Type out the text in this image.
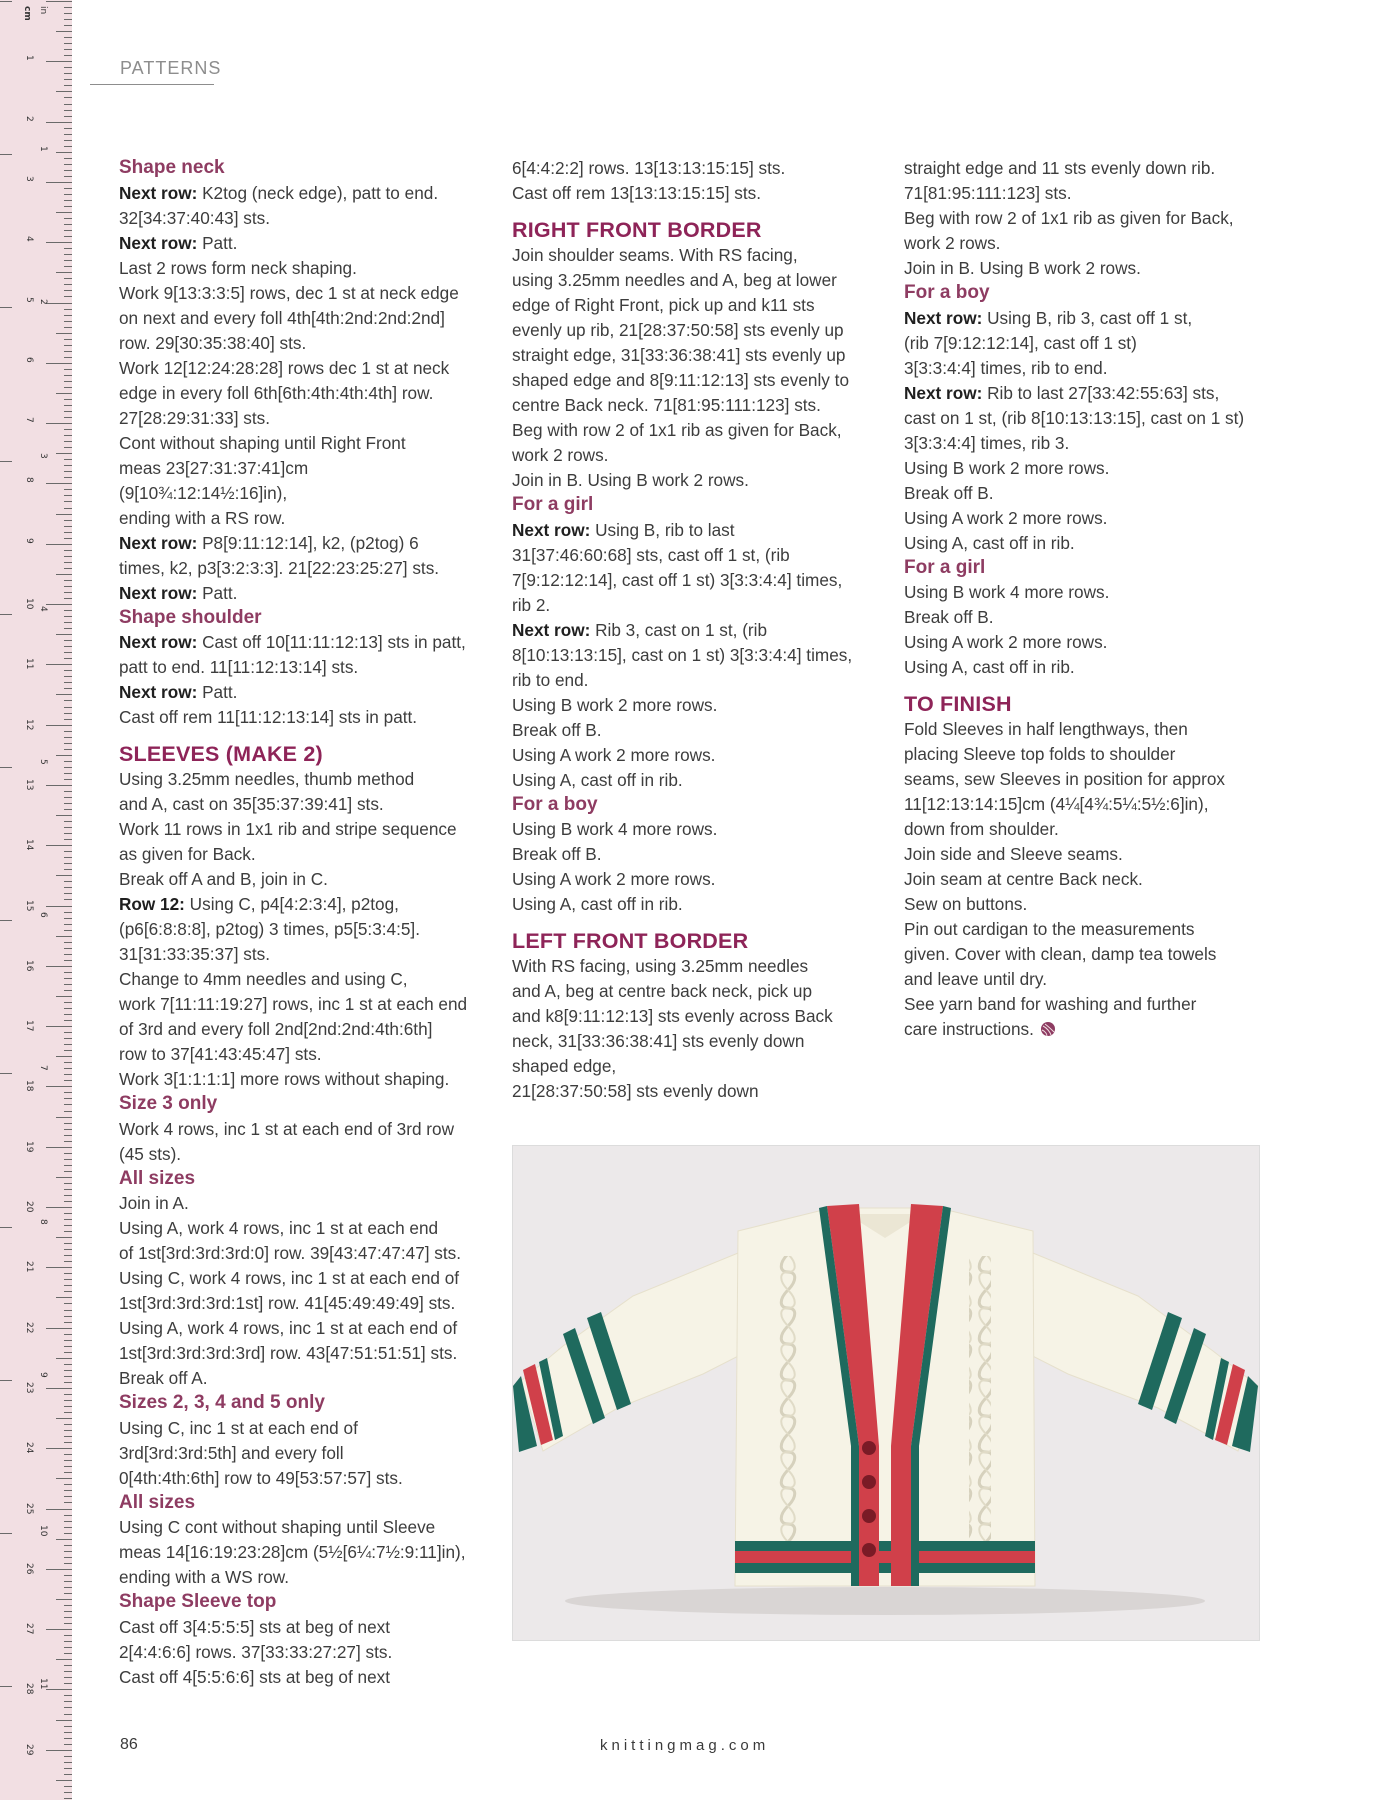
cm
1
2
3
4
5
6
7
8
9
10
11
12
13
14
15
16
17
18
19
20
21
22
23
24
25
26
27
28
29
in
1
2
3
4
5
6
7
8
9
10
11
PATTERNS

Shape neck

Next row: K2tog (neck edge), patt to end.

32[34:37:40:43] sts.

Next row: Patt.

Last 2 rows form neck shaping.

Work 9[13:3:3:5] rows, dec 1 st at neck edge

on next and every foll 4th[4th:2nd:2nd:2nd]

row. 29[30:35:38:40] sts.

Work 12[12:24:28:28] rows dec 1 st at neck

edge in every foll 6th[6th:4th:4th:4th] row.

27[28:29:31:33] sts.

Cont without shaping until Right Front

meas 23[27:31:37:41]cm (9[10¾:12:14½:16]in),

ending with a RS row.

Next row: P8[9:11:12:14], k2, (p2tog) 6

times, k2, p3[3:2:3:3]. 21[22:23:25:27] sts.

Next row: Patt.

Shape shoulder

Next row: Cast off 10[11:11:12:13] sts in patt,

patt to end. 11[11:12:13:14] sts.

Next row: Patt.

Cast off rem 11[11:12:13:14] sts in patt.

SLEEVES (MAKE 2)

Using 3.25mm needles, thumb method

and A, cast on 35[35:37:39:41] sts.

Work 11 rows in 1x1 rib and stripe sequence

as given for Back.

Break off A and B, join in C.

Row 12: Using C, p4[4:2:3:4], p2tog,

(p6[6:8:8:8], p2tog) 3 times, p5[5:3:4:5].

31[31:33:35:37] sts.

Change to 4mm needles and using C,

work 7[11:11:19:27] rows, inc 1 st at each end

of 3rd and every foll 2nd[2nd:2nd:4th:6th]

row to 37[41:43:45:47] sts.

Work 3[1:1:1:1] more rows without shaping.

Size 3 only

Work 4 rows, inc 1 st at each end of 3rd row

(45 sts).

All sizes

Join in A.

Using A, work 4 rows, inc 1 st at each end

of 1st[3rd:3rd:3rd:0] row. 39[43:47:47:47] sts.

Using C, work 4 rows, inc 1 st at each end of

1st[3rd:3rd:3rd:1st] row. 41[45:49:49:49] sts.

Using A, work 4 rows, inc 1 st at each end of

1st[3rd:3rd:3rd:3rd] row. 43[47:51:51:51] sts.

Break off A.

Sizes 2, 3, 4 and 5 only

Using C, inc 1 st at each end of

3rd[3rd:3rd:5th] and every foll

0[4th:4th:6th] row to 49[53:57:57] sts.

All sizes

Using C cont without shaping until Sleeve

meas 14[16:19:23:28]cm (5½[6¼:7½:9:11]in),

ending with a WS row.

Shape Sleeve top

Cast off 3[4:5:5:5] sts at beg of next

2[4:4:6:6] rows. 37[33:33:27:27] sts.

Cast off 4[5:5:6:6] sts at beg of next

6[4:4:2:2] rows. 13[13:13:15:15] sts.

Cast off rem 13[13:13:15:15] sts.

RIGHT FRONT BORDER

Join shoulder seams. With RS facing,

using 3.25mm needles and A, beg at lower

edge of Right Front, pick up and k11 sts

evenly up rib, 21[28:37:50:58] sts evenly up

straight edge, 31[33:36:38:41] sts evenly up

shaped edge and 8[9:11:12:13] sts evenly to

centre Back neck. 71[81:95:111:123] sts.

Beg with row 2 of 1x1 rib as given for Back,

work 2 rows.

Join in B. Using B work 2 rows.

For a girl

Next row: Using B, rib to last

31[37:46:60:68] sts, cast off 1 st, (rib

7[9:12:12:14], cast off 1 st) 3[3:3:4:4] times,

rib 2.

Next row: Rib 3, cast on 1 st, (rib

8[10:13:13:15], cast on 1 st) 3[3:3:4:4] times,

rib to end.

Using B work 2 more rows.

Break off B.

Using A work 2 more rows.

Using A, cast off in rib.

For a boy

Using B work 4 more rows.

Break off B.

Using A work 2 more rows.

Using A, cast off in rib.

LEFT FRONT BORDER

With RS facing, using 3.25mm needles

and A, beg at centre back neck, pick up

and k8[9:11:12:13] sts evenly across Back

neck, 31[33:36:38:41] sts evenly down

shaped edge,

21[28:37:50:58] sts evenly down

straight edge and 11 sts evenly down rib.

71[81:95:111:123] sts.

Beg with row 2 of 1x1 rib as given for Back,

work 2 rows.

Join in B. Using B work 2 rows.

For a boy

Next row: Using B, rib 3, cast off 1 st,

(rib 7[9:12:12:14], cast off 1 st)

3[3:3:4:4] times, rib to end.

Next row: Rib to last 27[33:42:55:63] sts,

cast on 1 st, (rib 8[10:13:13:15], cast on 1 st)

3[3:3:4:4] times, rib 3.

Using B work 2 more rows.

Break off B.

Using A work 2 more rows.

Using A, cast off in rib.

For a girl

Using B work 4 more rows.

Break off B.

Using A work 2 more rows.

Using A, cast off in rib.

TO FINISH

Fold Sleeves in half lengthways, then

placing Sleeve top folds to shoulder

seams, sew Sleeves in position for approx

11[12:13:14:15]cm (4¼[4¾:5¼:5½:6]in),

down from shoulder.

Join side and Sleeve seams.

Join seam at centre Back neck.

Sew on buttons.

Pin out cardigan to the measurements

given. Cover with clean, damp tea towels

and leave until dry.

See yarn band for washing and further

care instructions.

86	knittingmag.com
